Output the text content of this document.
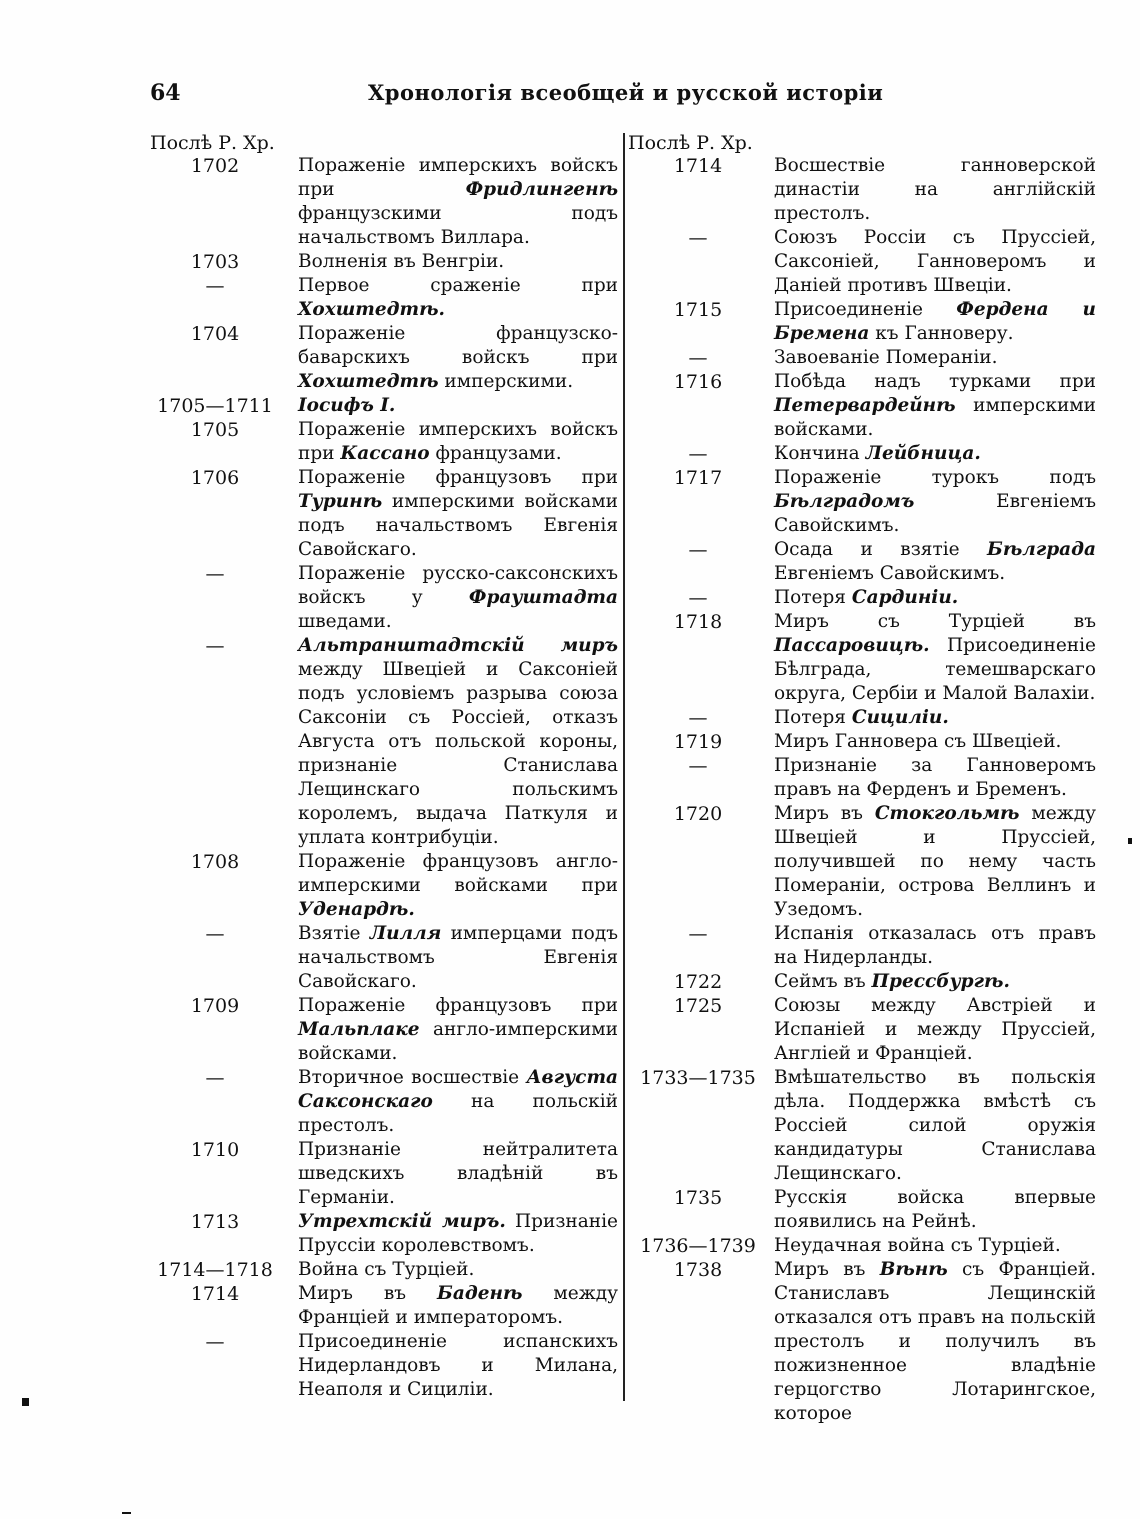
64	Хронологія всеобщей и русской исторіи
Послѣ Р. Хр.
1702	Пораженіе имперскихъ войскъ при Фридлингенѣ французскими подъ начальствомъ Виллара.
1703	Волненія въ Венгріи.
—	Первое сраженіе при Хохштедтѣ.
1704	Пораженіе французско-баварскихъ войскъ при Хохштедтѣ имперскими.
1705—1711	Іосифъ I.
1705	Пораженіе имперскихъ войскъ при Кассано французами.
1706	Пораженіе французовъ при Туринѣ имперскими войсками подъ начальствомъ Евгенія Савойскаго.
—	Пораженіе русско-саксонскихъ войскъ у Фрауштадта шведами.
—	Альтранштадтскій миръ между Швеціей и Саксоніей подъ условіемъ разрыва союза Саксоніи съ Россіей, отказъ Августа отъ польской короны, признаніе Станислава Лещинскаго польскимъ королемъ, выдача Паткуля и уплата контрибуціи.
1708	Пораженіе французовъ англо-имперскими войсками при Уденардѣ.
—	Взятіе Лилля имперцами подъ начальствомъ Евгенія Савойскаго.
1709	Пораженіе французовъ при Мальплаке англо-имперскими войсками.
—	Вторичное восшествіе Августа Саксонскаго на польскій престолъ.
1710	Признаніе нейтралитета шведскихъ владѣній въ Германіи.
1713	Утрехтскій миръ. Признаніе Пруссіи королевствомъ.
1714—1718	Война съ Турціей.
1714	Миръ въ Баденѣ между Франціей и императоромъ.
—	Присоединеніе испанскихъ Нидерландовъ и Милана, Неаполя и Сициліи.
Послѣ Р. Хр.
1714	Восшествіе ганноверской династіи на англійскій престолъ.
—	Союзъ Россіи съ Пруссіей, Саксоніей, Ганноверомъ и Даніей противъ Швеціи.
1715	Присоединеніе Фердена и Бремена къ Ганноверу.
—	Завоеваніе Помераніи.
1716	Побѣда надъ турками при Петервардейнѣ имперскими войсками.
—	Кончина Лейбница.
1717	Пораженіе турокъ подъ Бѣлградомъ Евгеніемъ Савойскимъ.
—	Осада и взятіе Бѣлграда Евгеніемъ Савойскимъ.
—	Потеря Сардиніи.
1718	Миръ съ Турціей въ Пассаровицѣ. Присоединеніе Бѣлграда, темешварскаго округа, Сербіи и Малой Валахіи.
—	Потеря Сициліи.
1719	Миръ Ганновера съ Швеціей.
—	Признаніе за Ганноверомъ правъ на Ферденъ и Бременъ.
1720	Миръ въ Стокгольмѣ между Швеціей и Пруссіей, получившей по нему часть Помераніи, острова Веллинъ и Узедомъ.
—	Испанія отказалась отъ правъ на Нидерланды.
1722	Сеймъ въ Прессбургѣ.
1725	Союзы между Австріей и Испаніей и между Пруссіей, Англіей и Франціей.
1733—1735 Вмѣшательство въ польскія дѣла. Поддержка вмѣстѣ съ Россіей силой оружія кандидатуры Станислава Лещинскаго.
1735	Русскія войска впервые появились на Рейнѣ.
1736—1739 Неудачная война съ Турціей.
1738	Миръ въ Вѣнѣ съ Франціей. Станиславъ Лещинскій отказался отъ правъ на польскій престолъ и получилъ въ пожизненное владѣніе герцогство Лотарингское, которое
